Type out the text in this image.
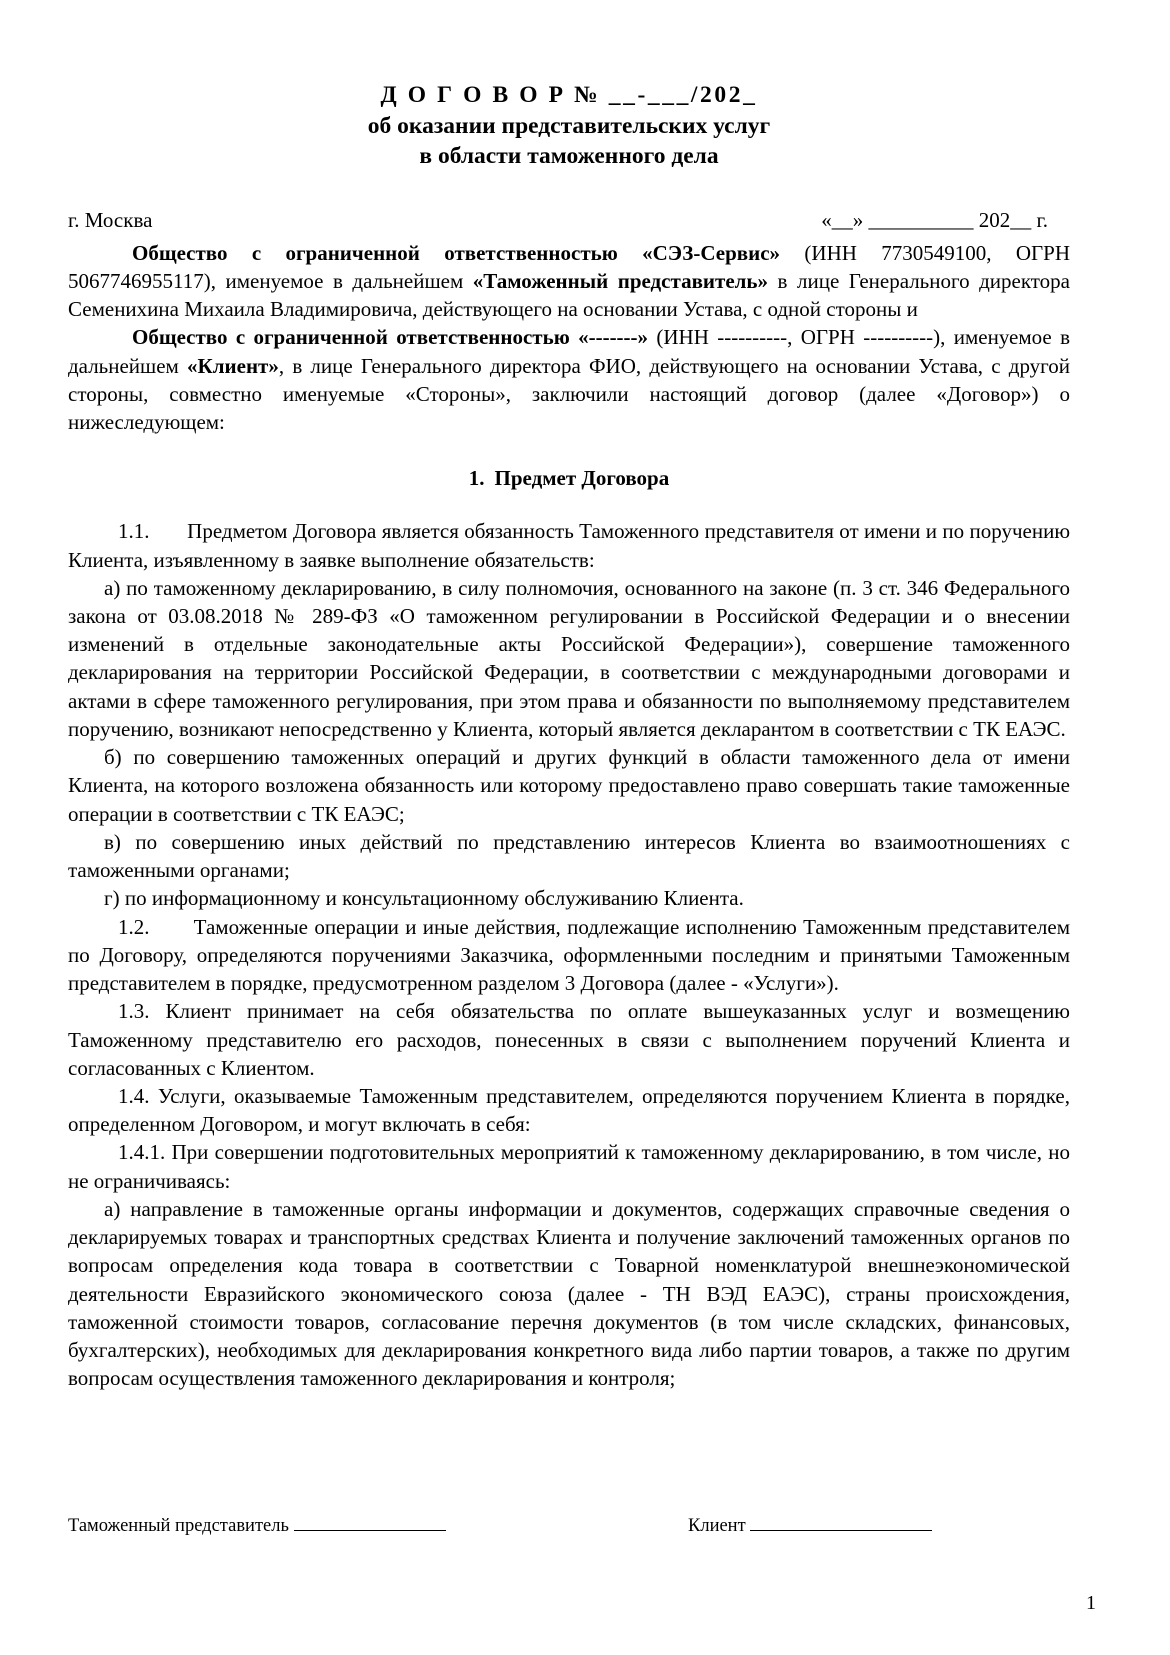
Д О Г О В О Р № __-___/202_
об оказании представительских услуг
в области таможенного дела
г. Москва	«__» __________ 202__ г.

Общество с ограниченной ответственностью «СЭЗ-Сервис» (ИНН 7730549100, ОГРН 5067746955117), именуемое в дальнейшем «Таможенный представитель» в лице Генерального директора Семенихина Михаила Владимировича, действующего на основании Устава, с одной стороны и

Общество с ограниченной ответственностью «-------» (ИНН ----------, ОГРН ----------), именуемое в дальнейшем «Клиент», в лице Генерального директора ФИО, действующего на основании Устава, с другой стороны, совместно именуемые «Стороны», заключили настоящий договор (далее «Договор») о нижеследующем:

1. Предмет Договора

1.1. Предметом Договора является обязанность Таможенного представителя от имени и по поручению Клиента, изъявленному в заявке выполнение обязательств:

а) по таможенному декларированию, в силу полномочия, основанного на законе (п. 3 ст. 346 Федерального закона от 03.08.2018 № 289-ФЗ «О таможенном регулировании в Российской Федерации и о внесении изменений в отдельные законодательные акты Российской Федерации»), совершение таможенного декларирования на территории Российской Федерации, в соответствии с международными договорами и актами в сфере таможенного регулирования, при этом права и обязанности по выполняемому представителем поручению, возникают непосредственно у Клиента, который является декларантом в соответствии с ТК ЕАЭС.

б) по совершению таможенных операций и других функций в области таможенного дела от имени Клиента, на которого возложена обязанность или которому предоставлено право совершать такие таможенные операции в соответствии с ТК ЕАЭС;

в) по совершению иных действий по представлению интересов Клиента во взаимоотношениях с таможенными органами;

г) по информационному и консультационному обслуживанию Клиента.

1.2. Таможенные операции и иные действия, подлежащие исполнению Таможенным представителем по Договору, определяются поручениями Заказчика, оформленными последним и принятыми Таможенным представителем в порядке, предусмотренном разделом 3 Договора (далее - «Услуги»).

1.3. Клиент принимает на себя обязательства по оплате вышеуказанных услуг и возмещению Таможенному представителю его расходов, понесенных в связи с выполнением поручений Клиента и согласованных с Клиентом.

1.4. Услуги, оказываемые Таможенным представителем, определяются поручением Клиента в порядке, определенном Договором, и могут включать в себя:

1.4.1. При совершении подготовительных мероприятий к таможенному декларированию, в том числе, но не ограничиваясь:

а) направление в таможенные органы информации и документов, содержащих справочные сведения о декларируемых товарах и транспортных средствах Клиента и получение заключений таможенных органов по вопросам определения кода товара в соответствии с Товарной номенклатурой внешнеэкономической деятельности Евразийского экономического союза (далее - ТН ВЭД ЕАЭС), страны происхождения, таможенной стоимости товаров, согласование перечня документов (в том числе складских, финансовых, бухгалтерских), необходимых для декларирования конкретного вида либо партии товаров, а также по другим вопросам осуществления таможенного декларирования и контроля;

Таможенный представитель	Клиент
1
